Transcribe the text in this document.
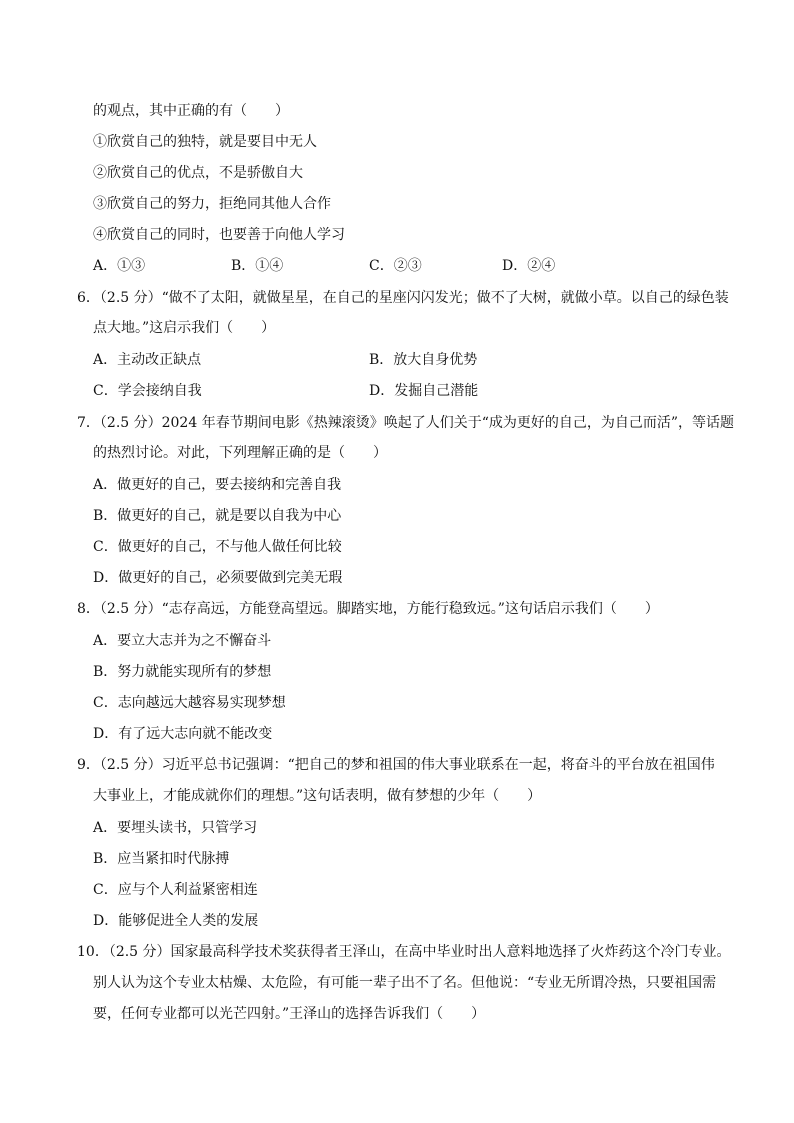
的观点，其中正确的有（　　）
①欣赏自己的独特，就是要目中无人
②欣赏自己的优点，不是骄傲自大
③欣赏自己的努力，拒绝同其他人合作
④欣赏自己的同时，也要善于向他人学习
A．①③	B．①④	C．②③	D．②④
6．（2.5 分）“做不了太阳，就做星星，在自己的星座闪闪发光；做不了大树，就做小草。以自己的绿色装
点大地。”这启示我们（　　）
A．主动改正缺点	B．放大自身优势
C．学会接纳自我	D．发掘自己潜能
7．（2.5 分）2024 年春节期间电影《热辣滚烫》唤起了人们关于“成为更好的自己，为自己而活”，等话题
的热烈讨论。对此，下列理解正确的是（　　）
A．做更好的自己，要去接纳和完善自我
B．做更好的自己，就是要以自我为中心
C．做更好的自己，不与他人做任何比较
D．做更好的自己，必须要做到完美无瑕
8．（2.5 分）“志存高远，方能登高望远。脚踏实地，方能行稳致远。”这句话启示我们（　　）
A．要立大志并为之不懈奋斗
B．努力就能实现所有的梦想
C．志向越远大越容易实现梦想
D．有了远大志向就不能改变
9．（2.5 分）习近平总书记强调：“把自己的梦和祖国的伟大事业联系在一起，将奋斗的平台放在祖国伟
大事业上，才能成就你们的理想。”这句话表明，做有梦想的少年（　　）
A．要埋头读书，只管学习
B．应当紧扣时代脉搏
C．应与个人利益紧密相连
D．能够促进全人类的发展
10．（2.5 分）国家最高科学技术奖获得者王泽山，在高中毕业时出人意料地选择了火炸药这个冷门专业。
别人认为这个专业太枯燥、太危险，有可能一辈子出不了名。但他说：“专业无所谓冷热，只要祖国需
要，任何专业都可以光芒四射。”王泽山的选择告诉我们（　　）
